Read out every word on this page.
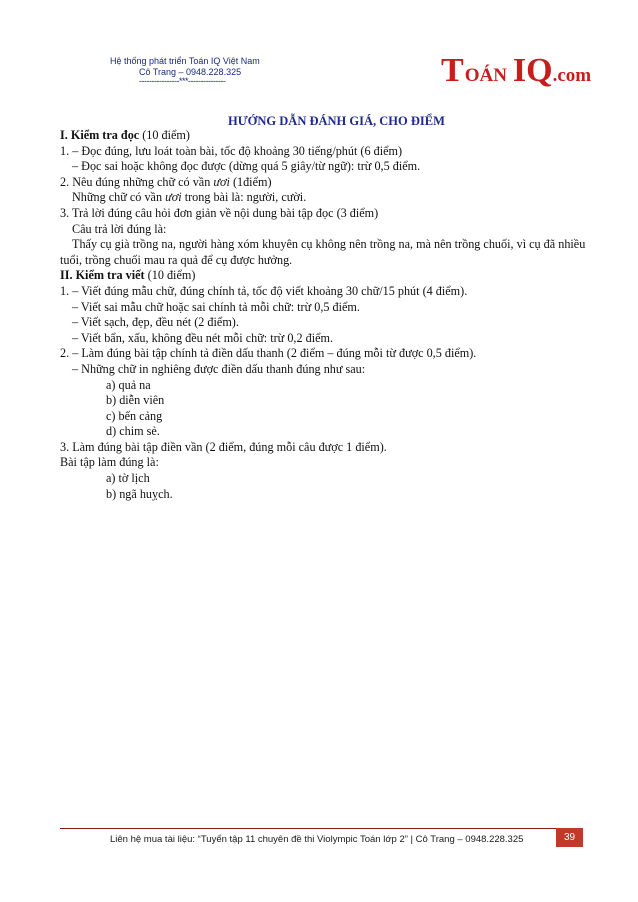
Hệ thống phát triển Toán IQ Việt Nam
Cô Trang – 0948.228.325
----------------***---------------	T OÁN IQ .com
HƯỚNG DẪN ĐÁNH GIÁ, CHO ĐIỂM
I. Kiểm tra đọc (10 điểm)
1. – Đọc đúng, lưu loát toàn bài, tốc độ khoảng 30 tiếng/phút (6 điểm)
– Đọc sai hoặc không đọc được (dừng quá 5 giây/từ ngữ): trừ 0,5 điểm.
2. Nêu đúng những chữ có vần ươi (1điểm)
Những chữ có vần ươi trong bài là: người, cười.
3. Trả lời đúng câu hỏi đơn giản về nội dung bài tập đọc (3 điểm)
Câu trả lời đúng là:
Thấy cụ già trồng na, người hàng xóm khuyên cụ không nên trồng na, mà nên trồng chuối, vì cụ đã nhiều tuổi, trồng chuối mau ra quả để cụ được hưởng.
II. Kiểm tra viết (10 điểm)
1. – Viết đúng mẫu chữ, đúng chính tả, tốc độ viết khoảng 30 chữ/15 phút (4 điểm).
– Viết sai mẫu chữ hoặc sai chính tả mỗi chữ: trừ 0,5 điểm.
– Viết sạch, đẹp, đều nét (2 điểm).
– Viết bẩn, xấu, không đều nét mỗi chữ: trừ 0,2 điểm.
2. – Làm đúng bài tập chính tả điền dấu thanh (2 điểm – đúng mỗi từ được 0,5 điểm).
– Những chữ in nghiêng được điền dấu thanh đúng như sau:
a) quả na
b) diễn viên
c) bến cảng
d) chim sẻ.
3. Làm đúng bài tập điền vần (2 điểm, đúng mỗi câu được 1 điểm).
Bài tập làm đúng là:
a) tờ lịch
b) ngã huỵch.
Liên hệ mua tài liệu: “Tuyển tập 11 chuyên đề thi Violympic Toán lớp 2” | Cô Trang – 0948.228.325	39
